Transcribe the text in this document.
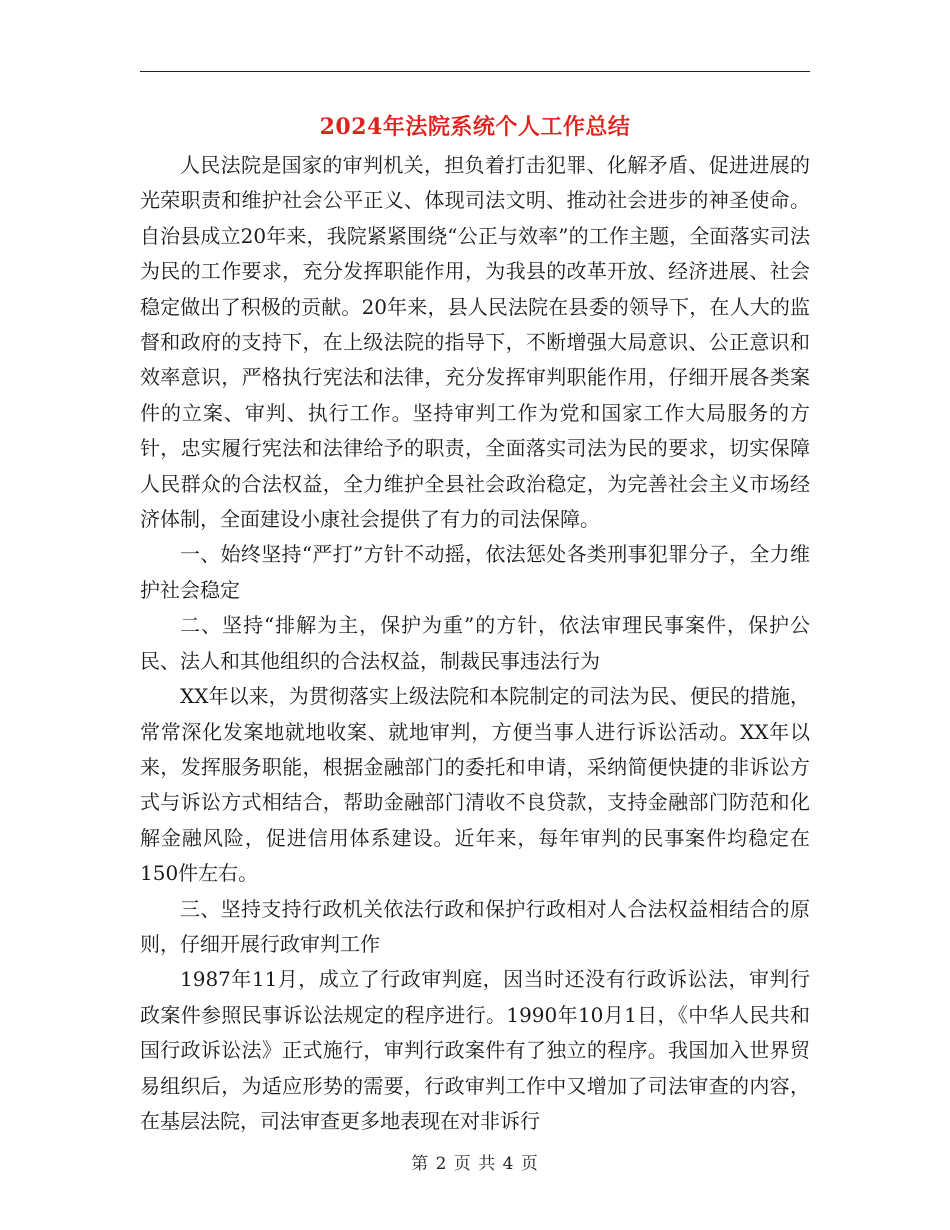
2024年法院系统个人工作总结

人民法院是国家的审判机关，担负着打击犯罪、化解矛盾、促进进展的光荣职责和维护社会公平正义、体现司法文明、推动社会进步的神圣使命。自治县成立20年来，我院紧紧围绕“公正与效率”的工作主题，全面落实司法为民的工作要求，充分发挥职能作用，为我县的改革开放、经济进展、社会稳定做出了积极的贡献。20年来，县人民法院在县委的领导下，在人大的监督和政府的支持下，在上级法院的指导下，不断增强大局意识、公正意识和效率意识，严格执行宪法和法律，充分发挥审判职能作用，仔细开展各类案件的立案、审判、执行工作。坚持审判工作为党和国家工作大局服务的方针，忠实履行宪法和法律给予的职责，全面落实司法为民的要求，切实保障人民群众的合法权益，全力维护全县社会政治稳定，为完善社会主义市场经济体制，全面建设小康社会提供了有力的司法保障。

一、始终坚持“严打”方针不动摇，依法惩处各类刑事犯罪分子，全力维护社会稳定

二、坚持“排解为主，保护为重”的方针，依法审理民事案件，保护公民、法人和其他组织的合法权益，制裁民事违法行为

XX年以来，为贯彻落实上级法院和本院制定的司法为民、便民的措施，常常深化发案地就地收案、就地审判，方便当事人进行诉讼活动。XX年以来，发挥服务职能，根据金融部门的委托和申请，采纳简便快捷的非诉讼方式与诉讼方式相结合，帮助金融部门清收不良贷款，支持金融部门防范和化解金融风险，促进信用体系建设。近年来，每年审判的民事案件均稳定在150件左右。

三、坚持支持行政机关依法行政和保护行政相对人合法权益相结合的原则，仔细开展行政审判工作

1987年11月，成立了行政审判庭，因当时还没有行政诉讼法，审判行政案件参照民事诉讼法规定的程序进行。1990年10月1日，《中华人民共和国行政诉讼法》正式施行，审判行政案件有了独立的程序。我国加入世界贸易组织后，为适应形势的需要，行政审判工作中又增加了司法审查的内容，在基层法院，司法审查更多地表现在对非诉行

第 2 页 共 4 页
